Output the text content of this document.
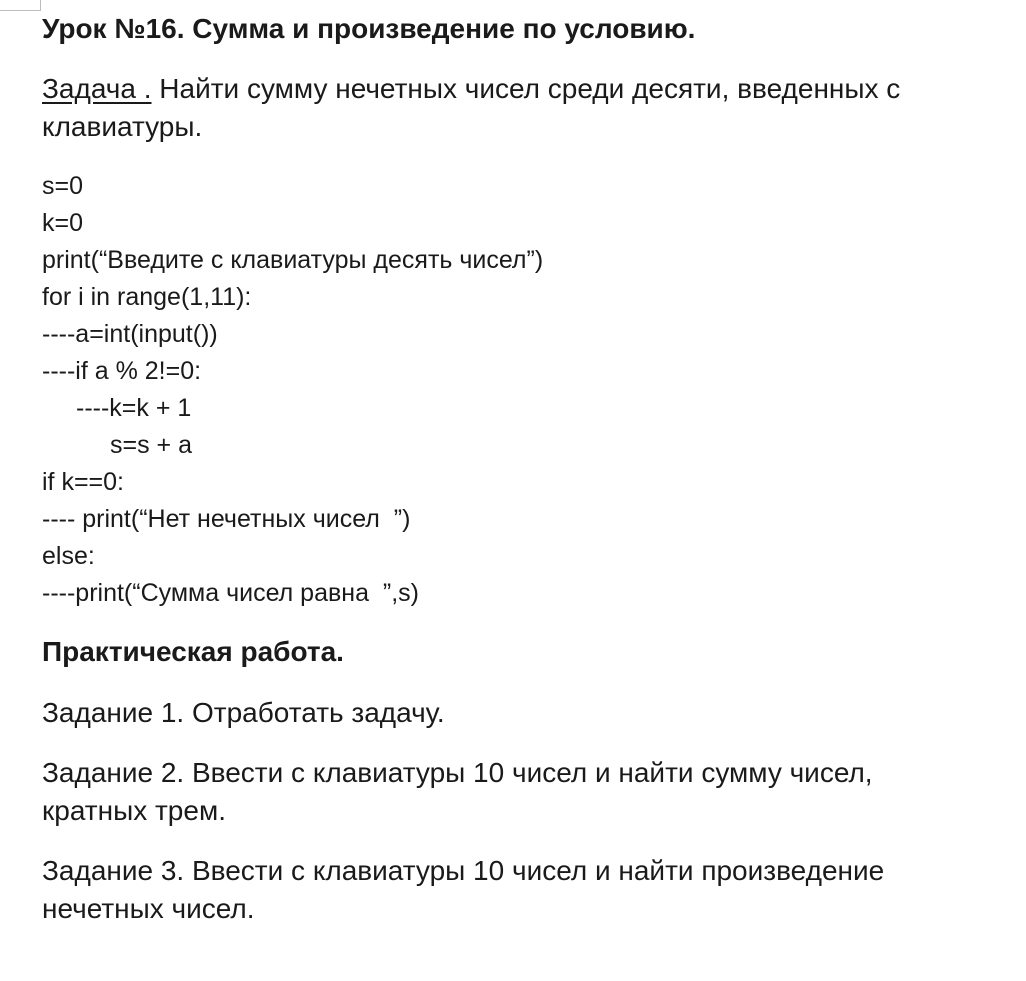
Урок №16. Сумма и произведение по условию.

Задача . Найти сумму нечетных чисел среди десяти, введенных с клавиатуры.

s=0
k=0
print(“Введите с клавиатуры десять чисел”)
for i in range(1,11):
----a=int(input())
----if a % 2!=0:
----k=k + 1
s=s + a
if k==0:
---- print(“Нет нечетных чисел  ”)
else:
----print(“Сумма чисел равна  ”,s)
Практическая работа.

Задание 1. Отработать задачу.

Задание 2. Ввести с клавиатуры 10 чисел и найти сумму чисел, кратных трем.

Задание 3. Ввести с клавиатуры 10 чисел и найти произведение нечетных чисел.
